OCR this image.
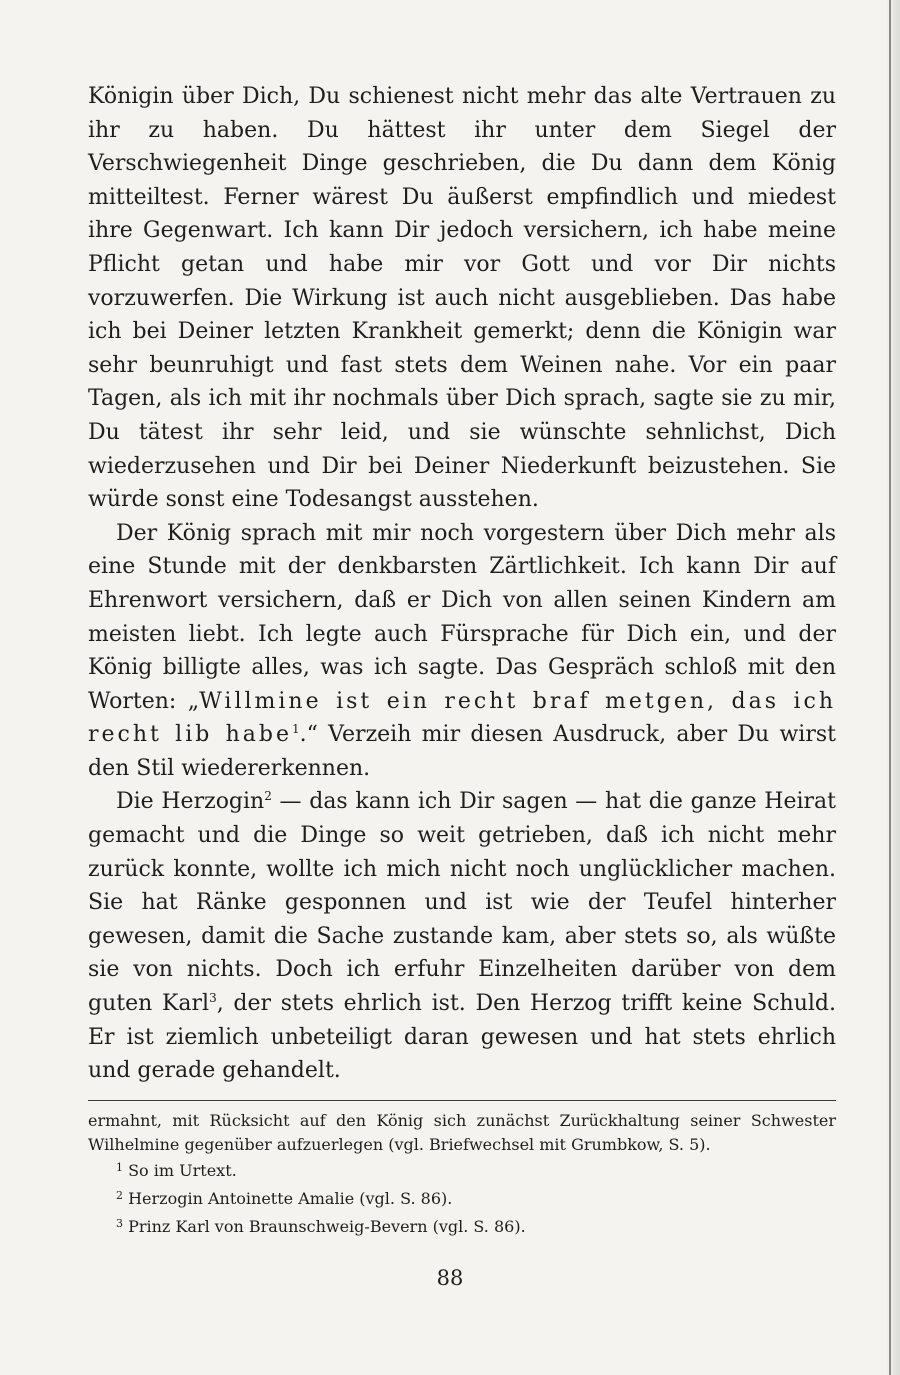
Königin über Dich, Du schienest nicht mehr das alte Vertrauen zu ihr zu haben. Du hättest ihr unter dem Siegel der Verschwiegenheit Dinge geschrieben, die Du dann dem König mitteiltest. Ferner wärest Du äußerst empfindlich und miedest ihre Gegenwart. Ich kann Dir jedoch versichern, ich habe meine Pflicht getan und habe mir vor Gott und vor Dir nichts vorzuwerfen. Die Wirkung ist auch nicht ausgeblieben. Das habe ich bei Deiner letzten Krankheit gemerkt; denn die Königin war sehr beunruhigt und fast stets dem Weinen nahe. Vor ein paar Tagen, als ich mit ihr nochmals über Dich sprach, sagte sie zu mir, Du tätest ihr sehr leid, und sie wünschte sehnlichst, Dich wiederzusehen und Dir bei Deiner Niederkunft beizustehen. Sie würde sonst eine Todesangst ausstehen.

Der König sprach mit mir noch vorgestern über Dich mehr als eine Stunde mit der denkbarsten Zärtlichkeit. Ich kann Dir auf Ehrenwort versichern, daß er Dich von allen seinen Kindern am meisten liebt. Ich legte auch Fürsprache für Dich ein, und der König billigte alles, was ich sagte. Das Gespräch schloß mit den Worten: „Willmine ist ein recht braf metgen, das ich recht lib habe$^1$.“ Verzeih mir diesen Ausdruck, aber Du wirst den Stil wiedererkennen.

Die Herzogin$^2$ — das kann ich Dir sagen — hat die ganze Heirat gemacht und die Dinge so weit getrieben, daß ich nicht mehr zurück konnte, wollte ich mich nicht noch unglücklicher machen. Sie hat Ränke gesponnen und ist wie der Teufel hinterher gewesen, damit die Sache zustande kam, aber stets so, als wüßte sie von nichts. Doch ich erfuhr Einzelheiten darüber von dem guten Karl$^3$, der stets ehrlich ist. Den Herzog trifft keine Schuld. Er ist ziemlich unbeteiligt daran gewesen und hat stets ehrlich und gerade gehandelt.

ermahnt, mit Rücksicht auf den König sich zunächst Zurückhaltung seiner Schwester Wilhelmine gegenüber aufzuerlegen (vgl. Briefwechsel mit Grumbkow, S. 5).

$^1$ So im Urtext.

$^2$ Herzogin Antoinette Amalie (vgl. S. 86).

$^3$ Prinz Karl von Braunschweig-Bevern (vgl. S. 86).

88
